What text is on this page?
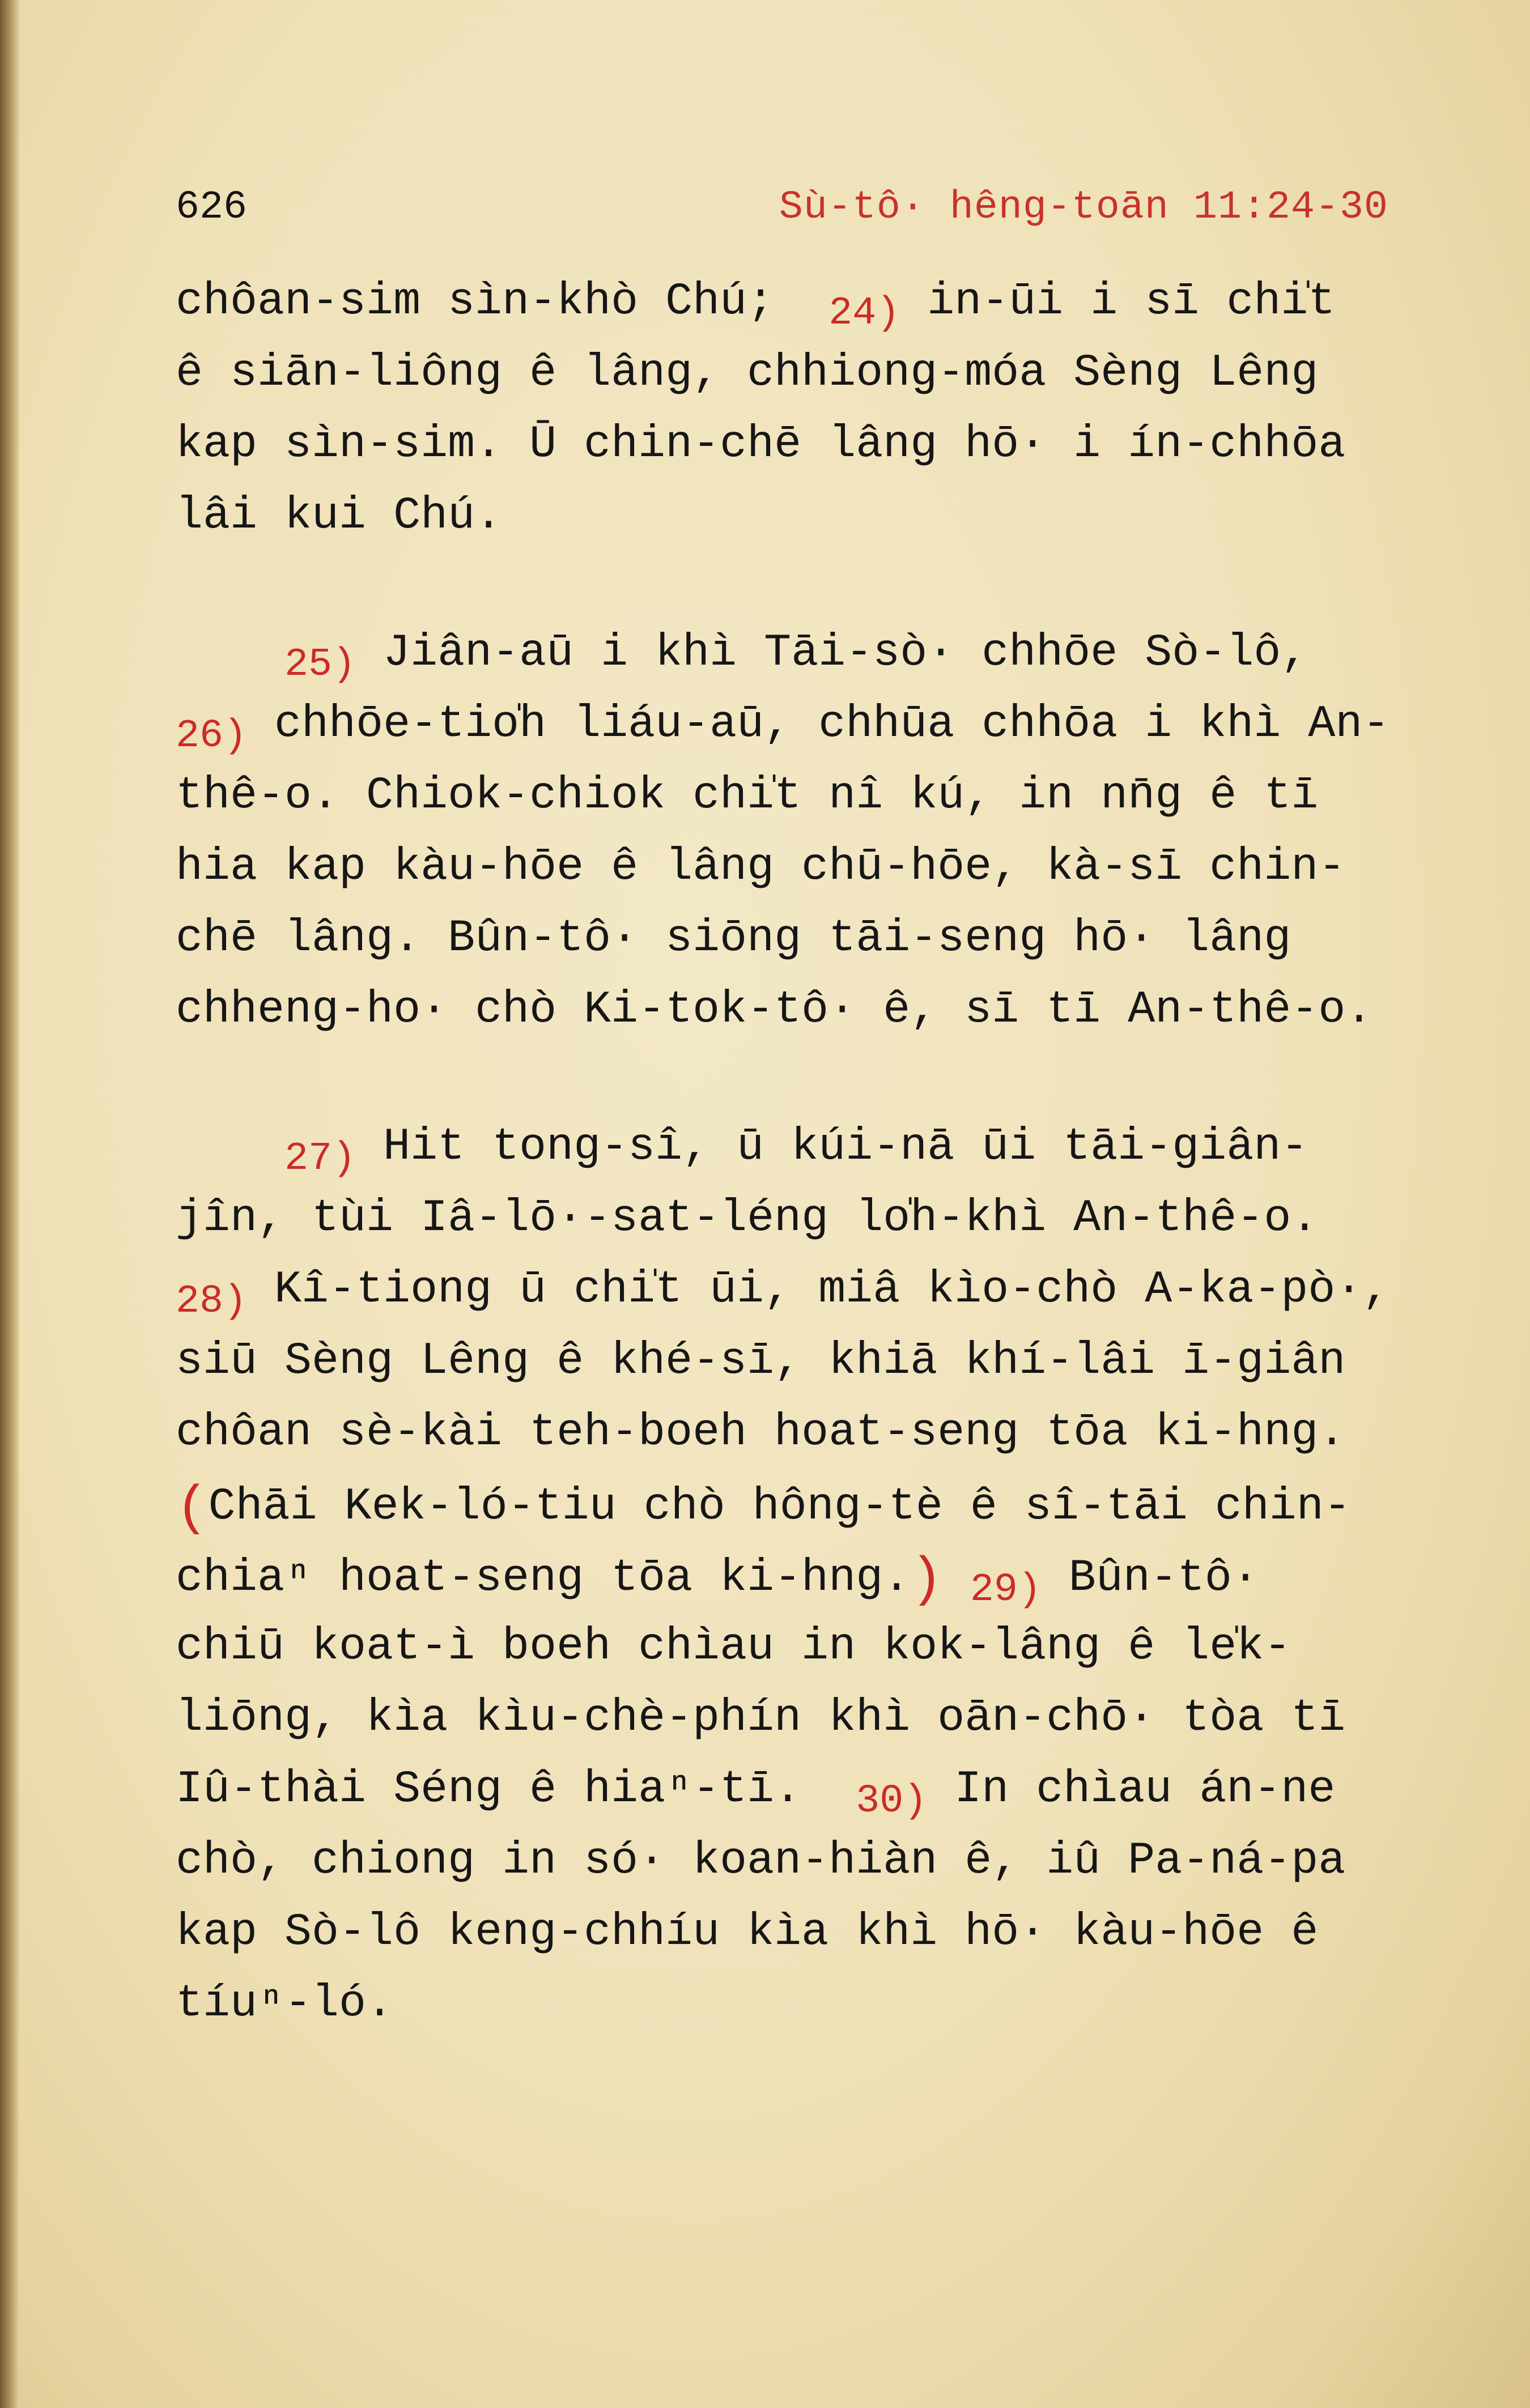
626	Sù-tô· hêng-toān 11:24-30
chôan-sim sìn-khò Chú;  24) in-ūi i sī chi̍t
ê siān-liông ê lâng, chhiong-móa Sèng Lêng
kap sìn-sim. Ū chin-chē lâng hō· i ín-chhōa
lâi kui Chú.
25) Jiân-aū i khì Tāi-sò· chhōe Sò-lô,
26) chhōe-tio̍h liáu-aū, chhūa chhōa i khì An-
thê-o. Chiok-chiok chi̍t nî kú, in nn̄g ê tī
hia kap kàu-hōe ê lâng chū-hōe, kà-sī chin-
chē lâng. Bûn-tô· siōng tāi-seng hō· lâng
chheng-ho· chò Ki-tok-tô· ê, sī tī An-thê-o.
27) Hit tong-sî, ū kúi-nā ūi tāi-giân-
jîn, tùi Iâ-lō·-sat-léng lo̍h-khì An-thê-o.
28) Kî-tiong ū chi̍t ūi, miâ kìo-chò A-ka-pò·,
siū Sèng Lêng ê khé-sī, khiā khí-lâi ī-giân
chôan sè-kài teh-boeh hoat-seng tōa ki-hng.
(Chāi Kek-ló-tiu chò hông-tè ê sî-tāi chin-
chiaⁿ hoat-seng tōa ki-hng.) 29) Bûn-tô·
chiū koat-ì boeh chìau in kok-lâng ê le̍k-
liōng, kìa kìu-chè-phín khì oān-chō· tòa tī
Iû-thài Séng ê hiaⁿ-tī.  30) In chìau án-ne
chò, chiong in só· koan-hiàn ê, iû Pa-ná-pa
kap Sò-lô keng-chhíu kìa khì hō· kàu-hōe ê
tíuⁿ-ló.
